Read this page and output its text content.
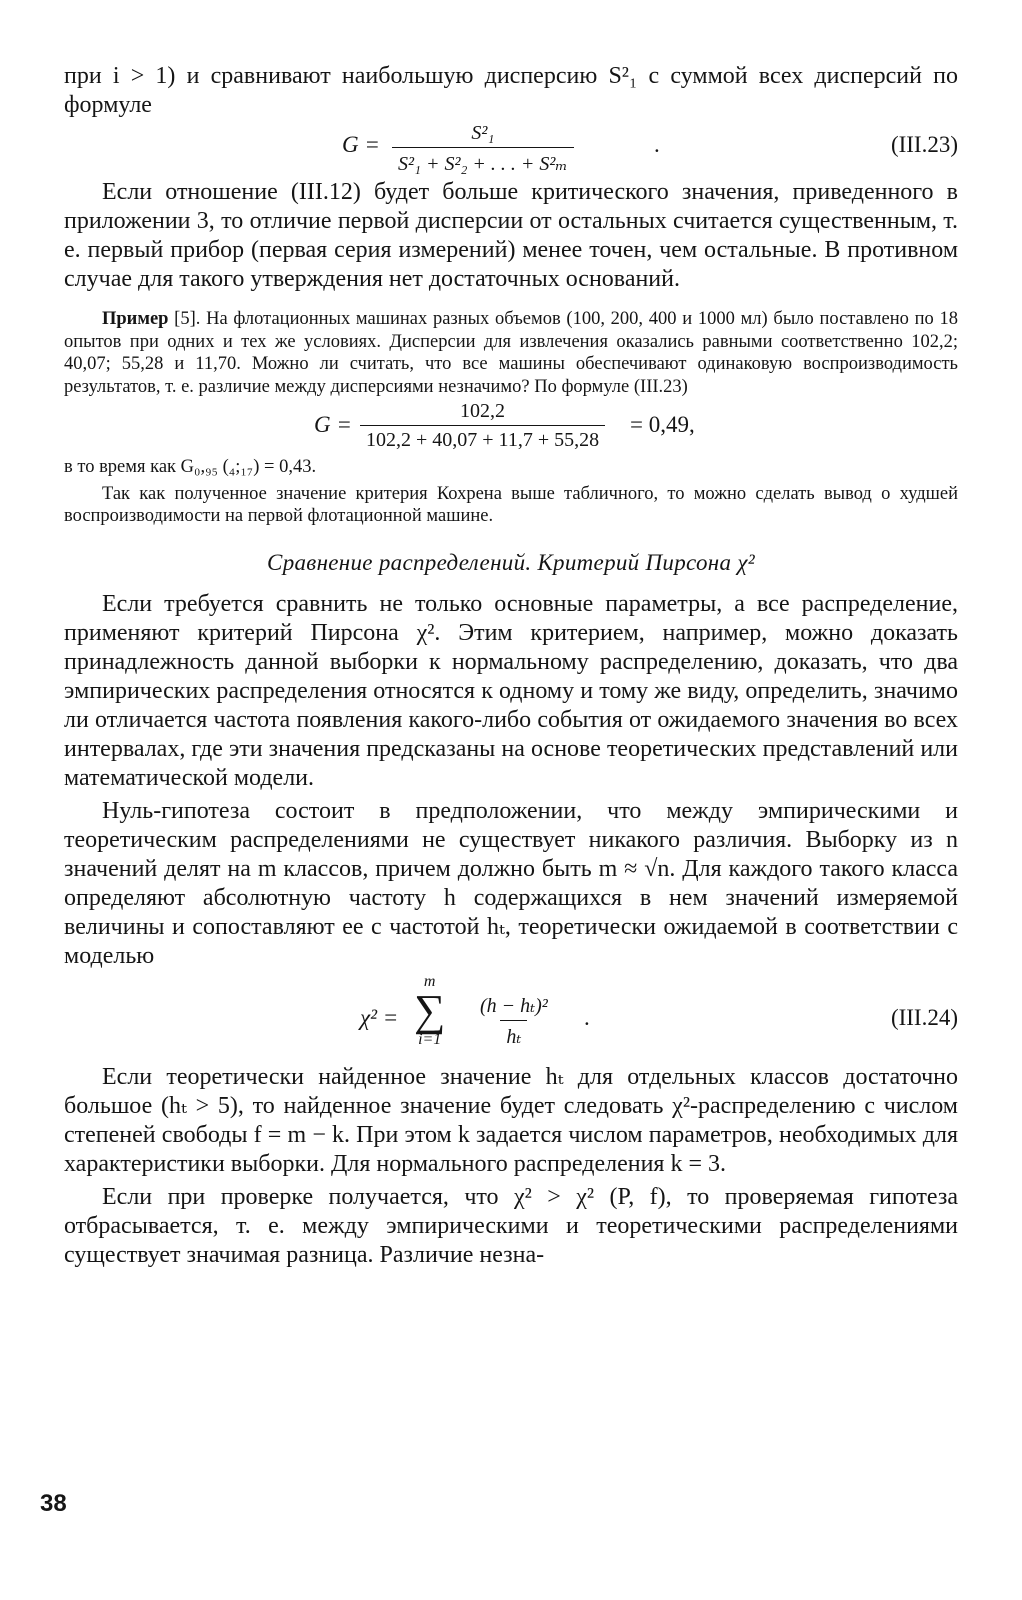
при i > 1) и сравнивают наибольшую дисперсию S²₁ с суммой всех дисперсий по формуле

$G = \frac{\text{S²₁}}{\text{S²₁ + S²₂ + . . . + S²ₘ}}$	.	(III.23)

Если отношение (III.12) будет больше критического значения, приведенного в приложении 3, то отличие первой дисперсии от остальных считается существенным, т. е. первый прибор (первая серия измерений) менее точен, чем остальные. В противном случае для такого утверждения нет достаточных оснований.

Пример [5]. На флотационных машинах разных объемов (100, 200, 400 и 1000 мл) было поставлено по 18 опытов при одних и тех же условиях. Дисперсии для извлечения оказались равными соответственно 102,2; 40,07; 55,28 и 11,70. Можно ли считать, что все машины обеспечивают одинаковую воспроизводимость результатов, т. е. различие между дисперсиями незначимо? По формуле (III.23)

$G = \frac{102,2}{102,2 + 40,07 + 11,7 + 55,28} = 0,49$,

в то время как G₀,₉₅ (₄;₁₇) = 0,43.

Так как полученное значение критерия Кохрена выше табличного, то можно сделать вывод о худшей воспроизводимости на первой флотационной машине.

Сравнение распределений. Критерий Пирсона χ²

Если требуется сравнить не только основные параметры, а все распределение, применяют критерий Пирсона χ². Этим критерием, например, можно доказать принадлежность данной выборки к нормальному распределению, доказать, что два эмпирических распределения относятся к одному и тому же виду, определить, значимо ли отличается частота появления какого-либо события от ожидаемого значения во всех интервалах, где эти значения предсказаны на основе теоретических представлений или математической модели.

Нуль-гипотеза состоит в предположении, что между эмпирическими и теоретическим распределениями не существует никакого различия. Выборку из n значений делят на m классов, причем должно быть m ≈ √n. Для каждого такого класса определяют абсолютную частоту h содержащихся в нем значений измеряемой величины и сопоставляют ее с частотой hₜ, теоретически ожидаемой в соответствии с моделью

χ² =
m
∑
$i=1 \frac{\text{(h − hₜ)²}}{\text{hₜ}}$ .	(III.24)

Если теоретически найденное значение hₜ для отдельных классов достаточно большое (hₜ > 5), то найденное значение будет следовать χ²-распределению с числом степеней свободы f = m − k. При этом k задается числом параметров, необходимых для характеристики выборки. Для нормального распределения k = 3.

Если при проверке получается, что χ² > χ² (P, f), то проверяемая гипотеза отбрасывается, т. е. между эмпирическими и теоретическими распределениями существует значимая разница. Различие незна-

38
